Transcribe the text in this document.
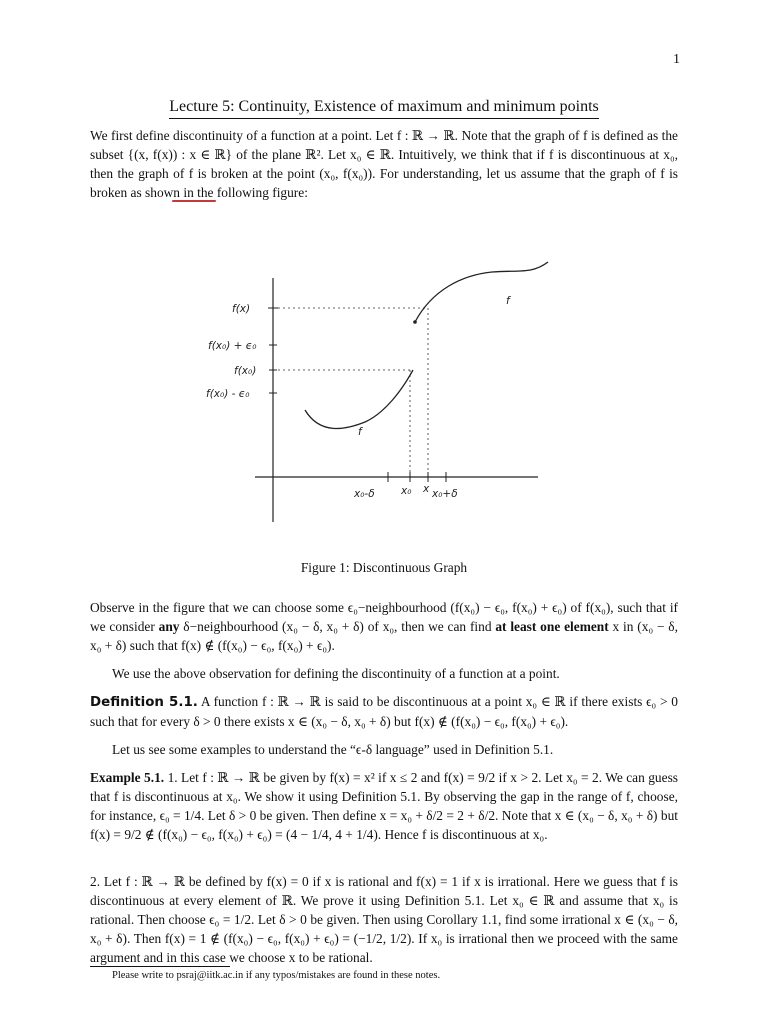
1
Lecture 5: Continuity, Existence of maximum and minimum points

We first define discontinuity of a function at a point. Let f : ℝ → ℝ. Note that the graph of f is defined as the subset {(x, f(x)) : x ∈ ℝ} of the plane ℝ². Let x₀ ∈ ℝ. Intuitively, we think that if f is discontinuous at x₀, then the graph of f is broken at the point (x₀, f(x₀)). For understanding, let us assume that the graph of f is broken as shown in the following figure:

f(x)
f(x₀) + ϵ₀
f(x₀)
f(x₀) - ϵ₀
x₀-δ	x₀ x x₀+δ
f
f
Figure 1: Discontinuous Graph

Observe in the figure that we can choose some ϵ₀−neighbourhood (f(x₀) − ϵ₀, f(x₀) + ϵ₀) of f(x₀), such that if we consider any δ−neighbourhood (x₀ − δ, x₀ + δ) of x₀, then we can find at least one element x in (x₀ − δ, x₀ + δ) such that f(x) ∉ (f(x₀) − ϵ₀, f(x₀) + ϵ₀).

We use the above observation for defining the discontinuity of a function at a point.

Definition 5.1. A function f : ℝ → ℝ is said to be discontinuous at a point x₀ ∈ ℝ if there exists ϵ₀ > 0 such that for every δ > 0 there exists x ∈ (x₀ − δ, x₀ + δ) but f(x) ∉ (f(x₀) − ϵ₀, f(x₀) + ϵ₀).

Let us see some examples to understand the “ϵ-δ language” used in Definition 5.1.

Example 5.1. 1. Let f : ℝ → ℝ be given by f(x) = x² if x ≤ 2 and f(x) = 9/2 if x > 2. Let x₀ = 2. We can guess that f is discontinuous at x₀. We show it using Definition 5.1. By observing the gap in the range of f, choose, for instance, ϵ₀ = 1/4. Let δ > 0 be given. Then define x = x₀ + δ/2 = 2 + δ/2. Note that x ∈ (x₀ − δ, x₀ + δ) but f(x) = 9/2 ∉ (f(x₀) − ϵ₀, f(x₀) + ϵ₀) = (4 − 1/4, 4 + 1/4). Hence f is discontinuous at x₀.

2. Let f : ℝ → ℝ be defined by f(x) = 0 if x is rational and f(x) = 1 if x is irrational. Here we guess that f is discontinuous at every element of ℝ. We prove it using Definition 5.1. Let x₀ ∈ ℝ and assume that x₀ is rational. Then choose ϵ₀ = 1/2. Let δ > 0 be given. Then using Corollary 1.1, find some irrational x ∈ (x₀ − δ, x₀ + δ). Then f(x) = 1 ∉ (f(x₀) − ϵ₀, f(x₀) + ϵ₀) = (−1/2, 1/2). If x₀ is irrational then we proceed with the same argument and in this case we choose x to be rational.

Please write to psraj@iitk.ac.in if any typos/mistakes are found in these notes.
